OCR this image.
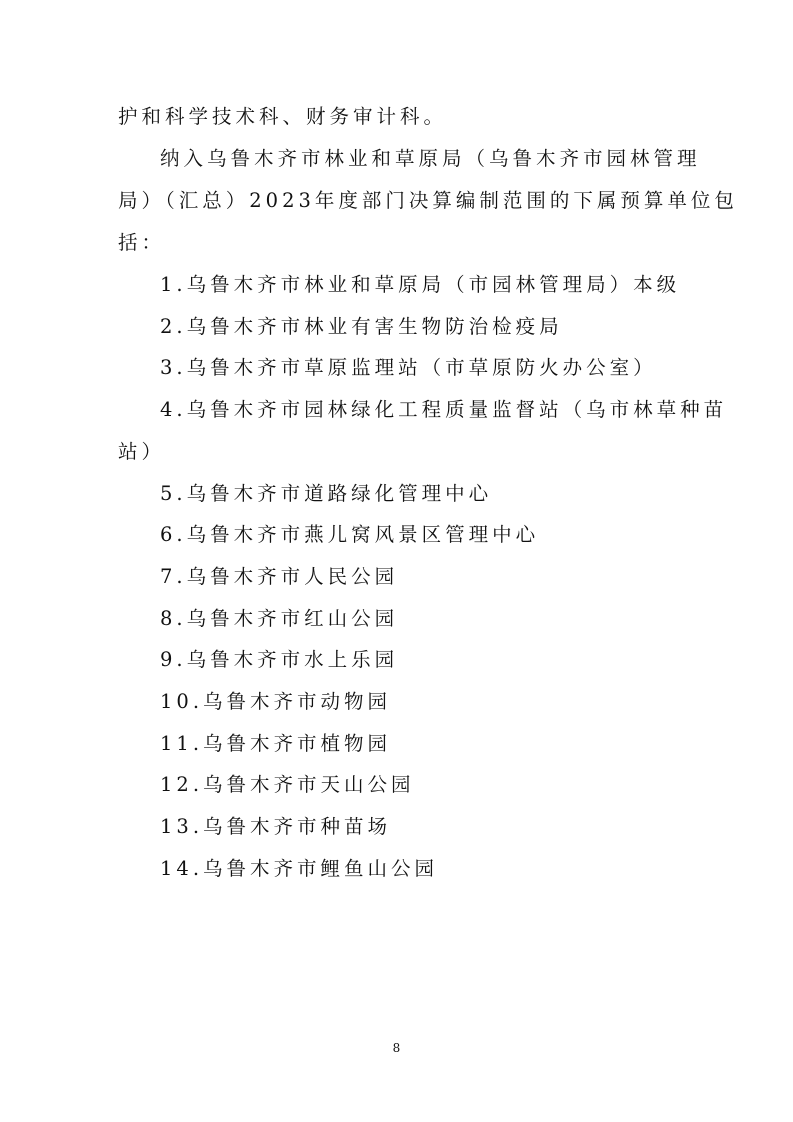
护和科学技术科、财务审计科。
纳入乌鲁木齐市林业和草原局（乌鲁木齐市园林管理
局）（汇总）2023年度部门决算编制范围的下属预算单位包
括：
1.乌鲁木齐市林业和草原局（市园林管理局）本级
2.乌鲁木齐市林业有害生物防治检疫局
3.乌鲁木齐市草原监理站（市草原防火办公室）
4.乌鲁木齐市园林绿化工程质量监督站（乌市林草种苗
站）
5.乌鲁木齐市道路绿化管理中心
6.乌鲁木齐市燕儿窝风景区管理中心
7.乌鲁木齐市人民公园
8.乌鲁木齐市红山公园
9.乌鲁木齐市水上乐园
10.乌鲁木齐市动物园
11.乌鲁木齐市植物园
12.乌鲁木齐市天山公园
13.乌鲁木齐市种苗场
14.乌鲁木齐市鲤鱼山公园
8
